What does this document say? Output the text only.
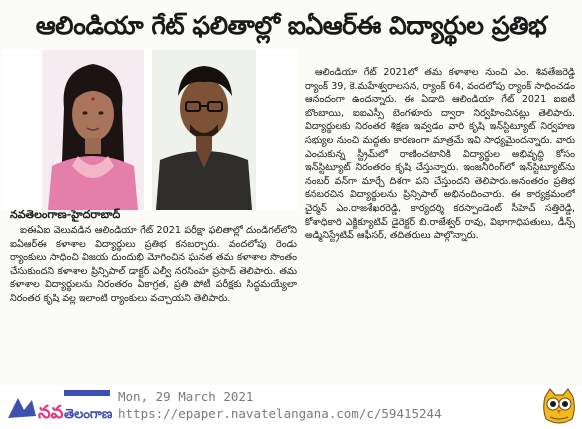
ఆలిండియా గేట్ ఫలితాల్లో ఐఏఆర్ఈ విద్యార్థుల ప్రతిభ
నవతెలంగాణ-హైదరాబాద్
ఐఈఏఐ వెలువడిన ఆలిండియా గేట్ 2021 పరీక్షా ఫలితాల్లో దుండిగల్‌లోని ఐఏఆర్ఈ కళాశాల విద్యార్థులు ప్రతిభ కనబర్చారు. వందలోపు రెండు ర్యాంకులు సాధించి విజయ దుందుభి మోగించిన ఘనత తమ కళాశాల సొంతం చేసుకుందని కళాశాల ప్రిన్సిపాల్ డాక్టర్ ఎల్వీ నరసింహ ప్రసాద్ తెలిపారు. తమ కళాశాల విద్యార్థులను నిరంతరం ఏకాగ్రత, ప్రతి పోటీ పరీక్షకు సిద్ధమయ్యేలా నిరంతర కృషి వల్ల ఇలాంటి ర్యాంకులు వచ్చాయని తెలిపారు.
ఆలిండియా గేట్ 2021లో తమ కళాశాల నుంచి ఎం. శివతేజరెడ్డి ర్యాంక్ 39, కె.మహేశ్వరాలసన, ర్యాంక్ 64, వందలోపు ర్యాంక్ సాధించడం ఆనందంగా ఉందన్నారు. ఈ ఏడాది ఆలిండియా గేట్ 2021 ఐఐటీ బొంబాయి, ఐఐఎస్సీ బెంగళూరు ద్వారా నిర్వహించినట్లు తెలిపారు. విద్యార్థులకు నిరంతర శిక్షణ ఇవ్వడం వారి కృషి ఇన్‌స్టిట్యూట్ నిర్వహణ సభ్యుల నుంచి మద్దతు కారణంగా మాత్రమే ఇవి సాధ్యమైందన్నారు. వారు ఎంచుకున్న స్ట్రీమ్‌లో రాణించటానికి విద్యార్థుల అభివృద్ధి కోసం ఇన్‌స్టిట్యూట్ నిరంతరం కృషి చేస్తున్నారు. ఇంజనీరింగ్‌లో ఇన్‌స్టిట్యూట్‌ను నంబర్ వన్‌గా మార్చే దిశగా పని చేస్తుందని తెలిపారు.అనంతరం ప్రతిభ కనబరచిన విద్యార్థులను ప్రిన్సిపాల్ అభినందించారు. ఈ కార్యక్రమంలో చైర్మన్ ఎం.రాజశేఖరరెడ్డి, కార్యదర్శి కరస్పాండెంట్ సీహెచ్ సత్తిరెడ్డి, కోశాధికారి ఎక్జిక్యూటివ్ డైరెక్టర్ బి.రాజేశ్వర్ రావు, విభాగాధిపతులు, డీన్స్ అడ్మినిస్ట్రేటివ్ ఆఫీసర్, తదితరులు పాల్గొన్నారు.
నవ తెలంగాణ
Mon, 29 March 2021
https://epaper.navatelangana.com/c/59415244
